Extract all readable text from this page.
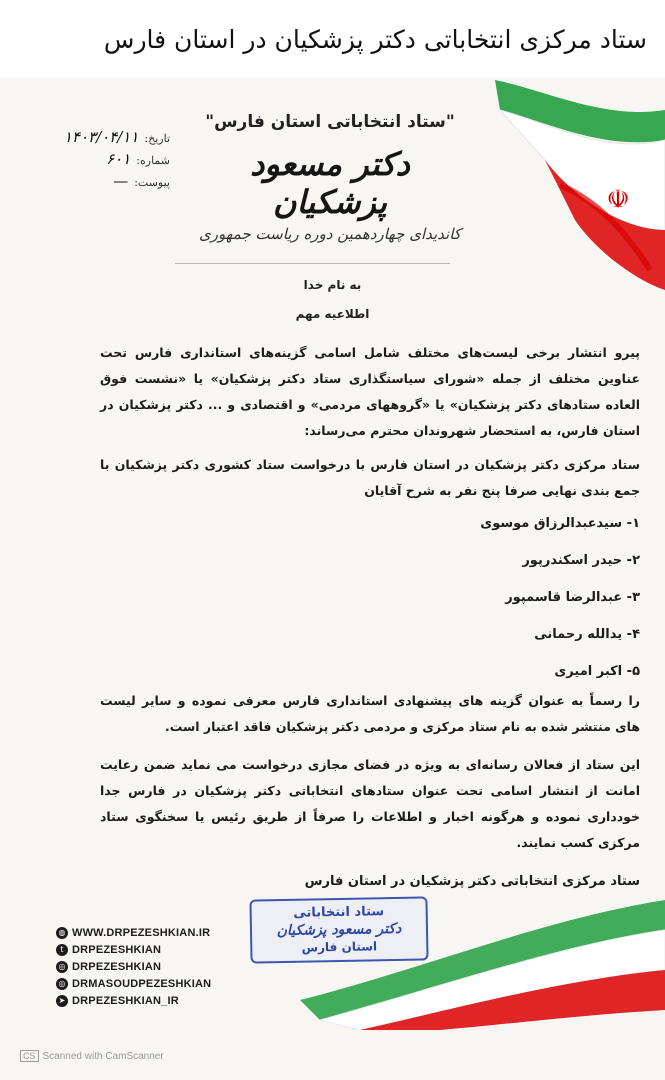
ستاد مرکزی انتخاباتی دکتر پزشکیان در استان فارس
☫
تاریخ:
۱۴۰۳/۰۴/۱۱
شماره:
۶۰۱
پیوست:
—
"ستاد انتخاباتی استان فارس"
دکتر مسعود پزشکیان
کاندیدای چهاردهمین دوره ریاست جمهوری
به نام خدا
اطلاعیه مهم
پیرو انتشار برخی لیست‌های مختلف شامل اسامی گزینه‌های استانداری فارس تحت عناوین مختلف از جمله «شورای سیاستگذاری ستاد دکتر پزشکیان» یا «نشست فوق العاده ستادهای دکتر پزشکیان» یا «گروههای مردمی» و اقتصادی و ... دکتر پزشکیان در استان فارس، به استحضار شهروندان محترم می‌رساند:
ستاد مرکزی دکتر پزشکیان در استان فارس با درخواست ستاد کشوری دکتر پزشکیان با جمع بندی نهایی صرفا پنج نفر به شرح آقایان
۱- سیدعبدالرزاق موسوی
۲- حیدر اسکندرپور
۳- عبدالرضا قاسمپور
۴- یدالله رحمانی
۵- اکبر امیری
را رسماً به عنوان گزینه های پیشنهادی استانداری فارس معرفی نموده و سایر لیست های منتشر شده به نام ستاد مرکزی و مردمی دکتر پزشکیان فاقد اعتبار است.
این ستاد از فعالان رسانه‌ای به ویژه در فضای مجازی درخواست می نماید ضمن رعایت امانت از انتشار اسامی تحت عنوان ستادهای انتخاباتی دکتر پزشکیان در فارس جدا خودداری نموده و هرگونه اخبار و اطلاعات را صرفاً از طریق رئیس یا سخنگوی ستاد مرکزی کسب نمایند.
ستاد مرکزی انتخاباتی دکتر پزشکیان در استان فارس
ستاد انتخاباتی
دکتر مسعود پزشکیان
استان فارس
◍ WWW.DRPEZESHKIAN.IR
t DRPEZESHKIAN
◎ DRPEZESHKIAN
◎ DRMASOUDPEZESHKIAN
➤ DRPEZESHKIAN_IR
CS Scanned with CamScanner
